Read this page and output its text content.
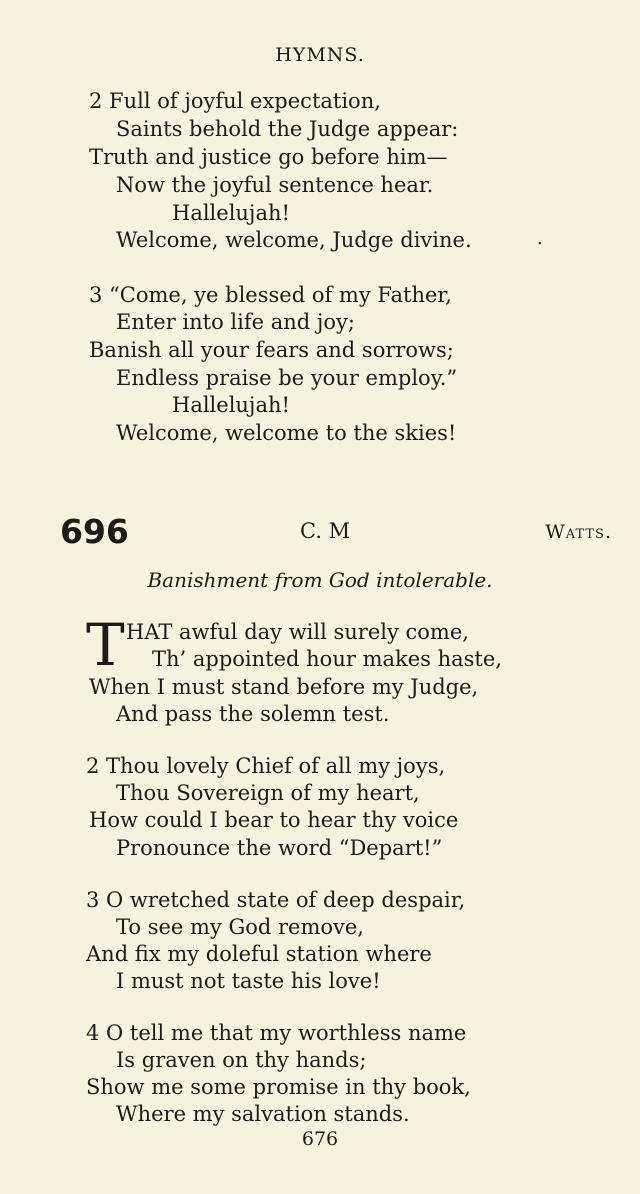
HYMNS.
2 Full of joyful expectation,
Saints behold the Judge appear:
Truth and justice go before him—
Now the joyful sentence hear.
Hallelujah!
Welcome, welcome, Judge divine.	.
3 “Come, ye blessed of my Father,
Enter into life and joy;
Banish all your fears and sorrows;
Endless praise be your employ.”
Hallelujah!
Welcome, welcome to the skies!
696	C. M	Watts.
Banishment from God intolerable.
T HAT awful day will surely come,
Th’ appointed hour makes haste,
When I must stand before my Judge,
And pass the solemn test.
2 Thou lovely Chief of all my joys,
Thou Sovereign of my heart,
How could I bear to hear thy voice
Pronounce the word “Depart!”
3 O wretched state of deep despair,
To see my God remove,
And fix my doleful station where
I must not taste his love!
4 O tell me that my worthless name
Is graven on thy hands;
Show me some promise in thy book,
Where my salvation stands.
676
